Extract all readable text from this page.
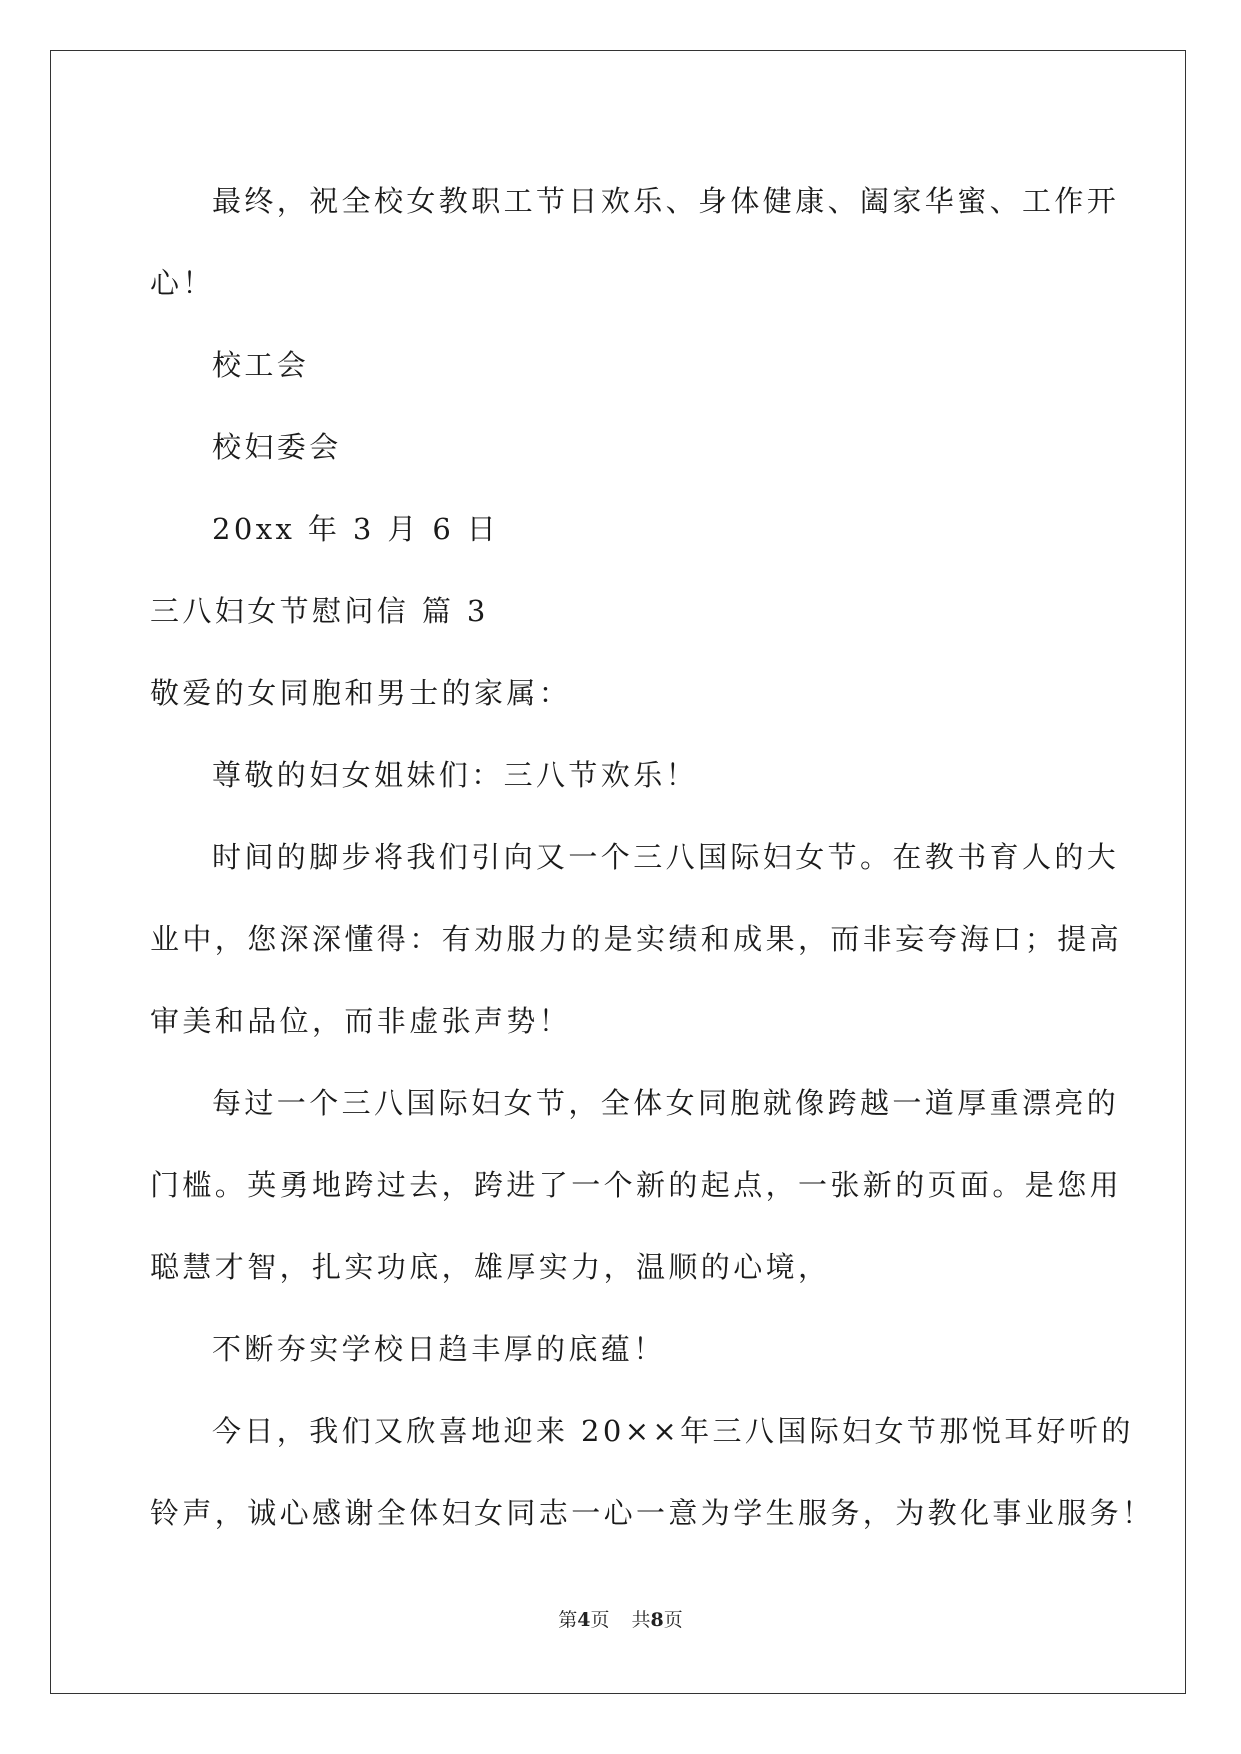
最终，祝全校女教职工节日欢乐、身体健康、阖家华蜜、工作开
心！
校工会
校妇委会
20xx 年 3 月 6 日
三八妇女节慰问信 篇 3
敬爱的女同胞和男士的家属：
尊敬的妇女姐妹们：三八节欢乐！
时间的脚步将我们引向又一个三八国际妇女节。在教书育人的大
业中，您深深懂得：有劝服力的是实绩和成果，而非妄夸海口；提高
审美和品位，而非虚张声势！
每过一个三八国际妇女节，全体女同胞就像跨越一道厚重漂亮的
门槛。英勇地跨过去，跨进了一个新的起点，一张新的页面。是您用
聪慧才智，扎实功底，雄厚实力，温顺的心境，
不断夯实学校日趋丰厚的底蕴！
今日，我们又欣喜地迎来 20××年三八国际妇女节那悦耳好听的
铃声，诚心感谢全体妇女同志一心一意为学生服务，为教化事业服务！
第4页 共8页
